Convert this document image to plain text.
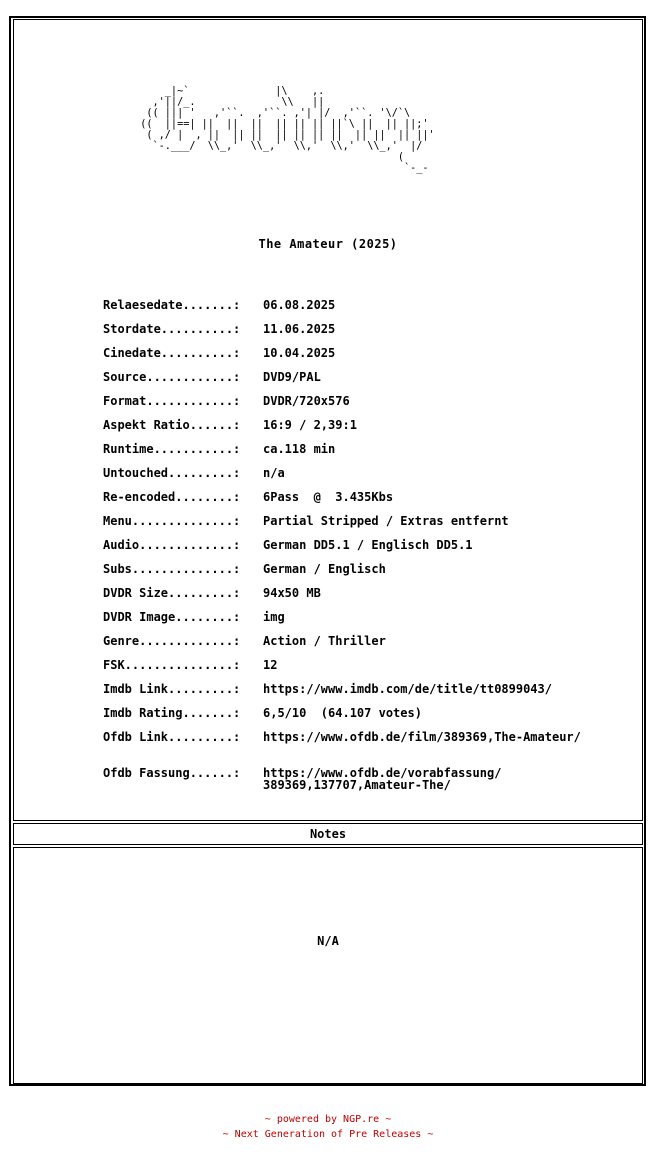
Notes
N/A
_|~`              |\    ,.
,'||/_.              \\   ||
(( ||| '   ,'``.  ,'``. ,'| |/  ,'``. '\/`\
((  ||==| ||  ||  ||  || || || ||`\ ||  || ||;'
( ,/ |  , ||  || ||  || || || ||  || ||  || ||'
`-.___/  \\_,'  \\_,'  \\,'  \\,'  \\_,'  |/
(
`-_-
The Amateur (2025)
Relaesedate.......: 06.08.2025
Stordate..........: 11.06.2025
Cinedate..........: 10.04.2025
Source............: DVD9/PAL
Format............: DVDR/720x576
Aspekt Ratio......: 16:9 / 2,39:1
Runtime...........: ca.118 min
Untouched.........: n/a
Re-encoded........: 6Pass  @  3.435Kbs
Menu..............: Partial Stripped / Extras entfernt
Audio.............: German DD5.1 / Englisch DD5.1
Subs..............: German / Englisch
DVDR Size.........: 94x50 MB
DVDR Image........: img
Genre.............: Action / Thriller
FSK...............: 12
Imdb Link.........: https://www.imdb.com/de/title/tt0899043/
Imdb Rating.......: 6,5/10  (64.107 votes)
Ofdb Link.........: https://www.ofdb.de/film/389369,The-Amateur/
Ofdb Fassung......: https://www.ofdb.de/vorabfassung/
389369,137707,Amateur-The/
~ powered by NGP.re ~
~ Next Generation of Pre Releases ~
